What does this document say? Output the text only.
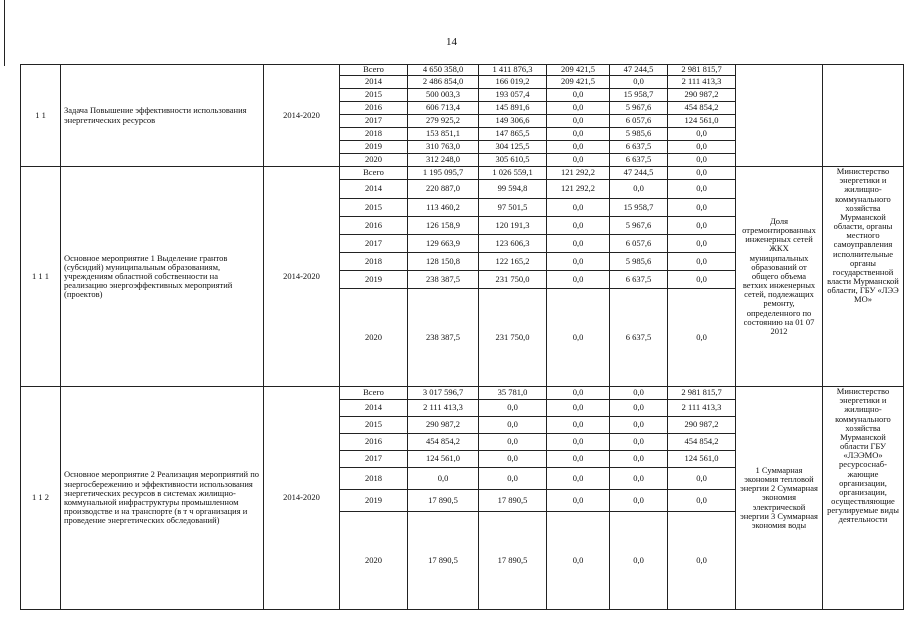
14
1 1	Задача Повышение эффективности использования энергетических ресурсов	2014-2020	Всего	4 650 358,0	1 411 876,3	209 421,5	47 244,5	2 981 815,7		
			2014	2 486 854,0	166 019,2	209 421,5	0,0	2 111 413,3		
			2015	500 003,3	193 057,4	0,0	15 958,7	290 987,2		
			2016	606 713,4	145 891,6	0,0	5 967,6	454 854,2		
			2017	279 925,2	149 306,6	0,0	6 057,6	124 561,0		
			2018	153 851,1	147 865,5	0,0	5 985,6	0,0		
			2019	310 763,0	304 125,5	0,0	6 637,5	0,0		
			2020	312 248,0	305 610,5	0,0	6 637,5	0,0		
1 1 1	Основное мероприятие 1 Выделение грантов (субсидий) муниципальным образованиям, учреждениям областной собственности на реализацию энергоэффективных мероприятий (проектов)	2014-2020	Всего	1 195 095,7	1 026 559,1	121 292,2	47 244,5	0,0	Доля отремонтированных инженерных сетей ЖКХ муниципальных образований от общего объема ветхих инженерных сетей, подлежащих ремонту, определенного по состоянию на 01 07 2012	Министерство энергетики и жилищно-коммунального хозяйства Мурманской области, органы местного самоуправления исполнительные органы государственной власти Мурманской области, ГБУ «ЛЭЭ МО»
			2014	220 887,0	99 594,8	121 292,2	0,0	0,0		
			2015	113 460,2	97 501,5	0,0	15 958,7	0,0		
			2016	126 158,9	120 191,3	0,0	5 967,6	0,0		
			2017	129 663,9	123 606,3	0,0	6 057,6	0,0		
			2018	128 150,8	122 165,2	0,0	5 985,6	0,0		
			2019	238 387,5	231 750,0	0,0	6 637,5	0,0		
			2020	238 387,5	231 750,0	0,0	6 637,5	0,0		
1 1 2	Основное мероприятие 2 Реализация мероприятий по энергосбережению и эффективности использования энергетических ресурсов в системах жилищно-коммунальной инфраструктуры промышленном производстве и на транспорте (в т ч организация и проведение энергетических обследований)	2014-2020	Всего	3 017 596,7	35 781,0	0,0	0,0	2 981 815,7	1 Суммарная экономия тепловой энергии 2 Суммарная экономия электрической энергии 3 Суммарная экономия воды	Министерство энергетики и жилищно-коммунального хозяйства Мурманской области ГБУ «ЛЭЭМО» ресурсоснаб-жающие организации, организации, осуществляющие регулируемые виды деятельности
			2014	2 111 413,3	0,0	0,0	0,0	2 111 413,3		
			2015	290 987,2	0,0	0,0	0,0	290 987,2		
			2016	454 854,2	0,0	0,0	0,0	454 854,2		
			2017	124 561,0	0,0	0,0	0,0	124 561,0		
			2018	0,0	0,0	0,0	0,0	0,0		
			2019	17 890,5	17 890,5	0,0	0,0	0,0		
			2020	17 890,5	17 890,5	0,0	0,0	0,0		
